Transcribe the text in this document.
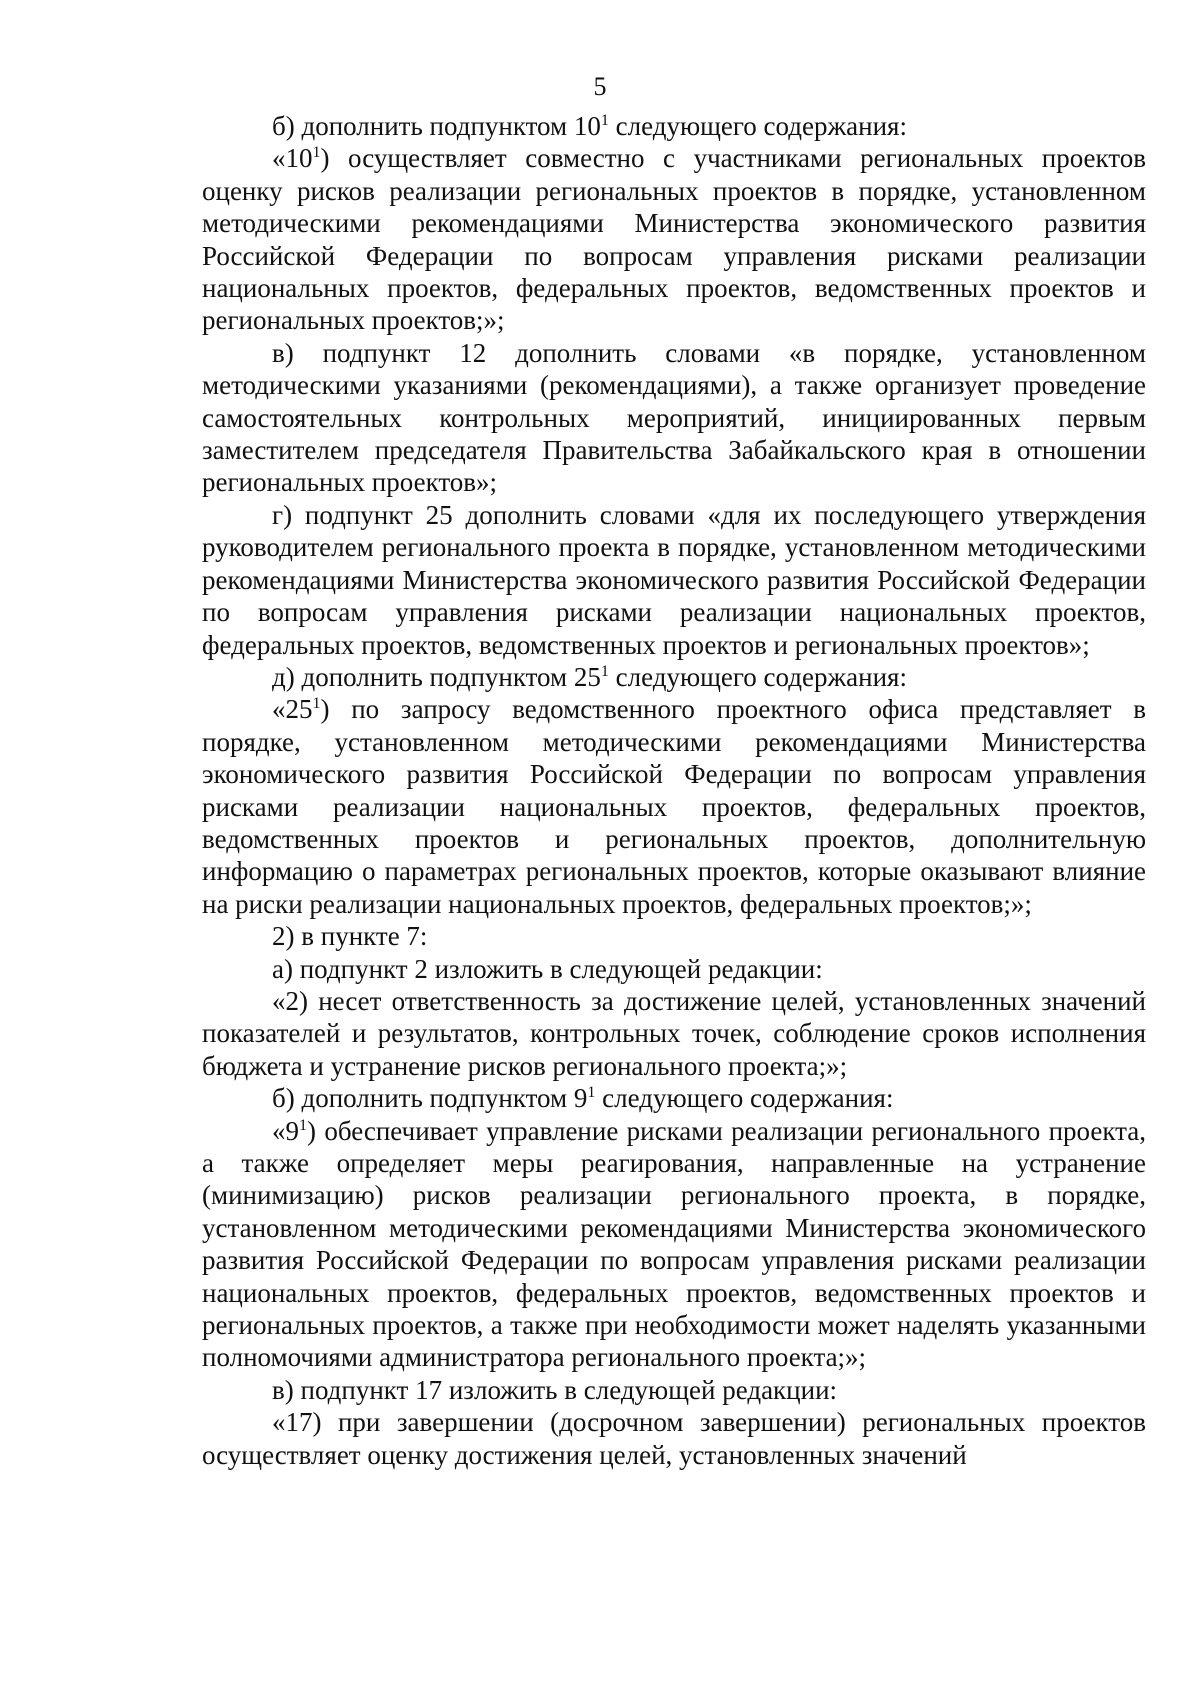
5

б) дополнить подпунктом $10^1$ следующего содержания:

«$10^1$) осуществляет совместно с участниками региональных проектов оценку рисков реализации региональных проектов в порядке, установленном методическими рекомендациями Министерства экономического развития Российской Федерации по вопросам управления рисками реализации национальных проектов, федеральных проектов, ведомственных проектов и региональных проектов;»;

в) подпункт 12 дополнить словами «в порядке, установленном методическими указаниями (рекомендациями), а также организует проведение самостоятельных контрольных мероприятий, инициированных первым заместителем председателя Правительства Забайкальского края в отношении региональных проектов»;

г) подпункт 25 дополнить словами «для их последующего утверждения руководителем регионального проекта в порядке, установленном методическими рекомендациями Министерства экономического развития Российской Федерации по вопросам управления рисками реализации национальных проектов, федеральных проектов, ведомственных проектов и региональных проектов»;

д) дополнить подпунктом $25^1$ следующего содержания:

«$25^1$) по запросу ведомственного проектного офиса представляет в порядке, установленном методическими рекомендациями Министерства экономического развития Российской Федерации по вопросам управления рисками реализации национальных проектов, федеральных проектов, ведомственных проектов и региональных проектов, дополнительную информацию о параметрах региональных проектов, которые оказывают влияние на риски реализации национальных проектов, федеральных проектов;»;

2) в пункте 7:

а) подпункт 2 изложить в следующей редакции:

«2) несет ответственность за достижение целей, установленных значений показателей и результатов, контрольных точек, соблюдение сроков исполнения бюджета и устранение рисков регионального проекта;»;

б) дополнить подпунктом $9^1$ следующего содержания:

«$9^1$) обеспечивает управление рисками реализации регионального проекта, а также определяет меры реагирования, направленные на устранение (минимизацию) рисков реализации регионального проекта, в порядке, установленном методическими рекомендациями Министерства экономического развития Российской Федерации по вопросам управления рисками реализации национальных проектов, федеральных проектов, ведомственных проектов и региональных проектов, а также при необходимости может наделять указанными полномочиями администратора регионального проекта;»;

в) подпункт 17 изложить в следующей редакции:

«17) при завершении (досрочном завершении) региональных проектов осуществляет оценку достижения целей, установленных значений
